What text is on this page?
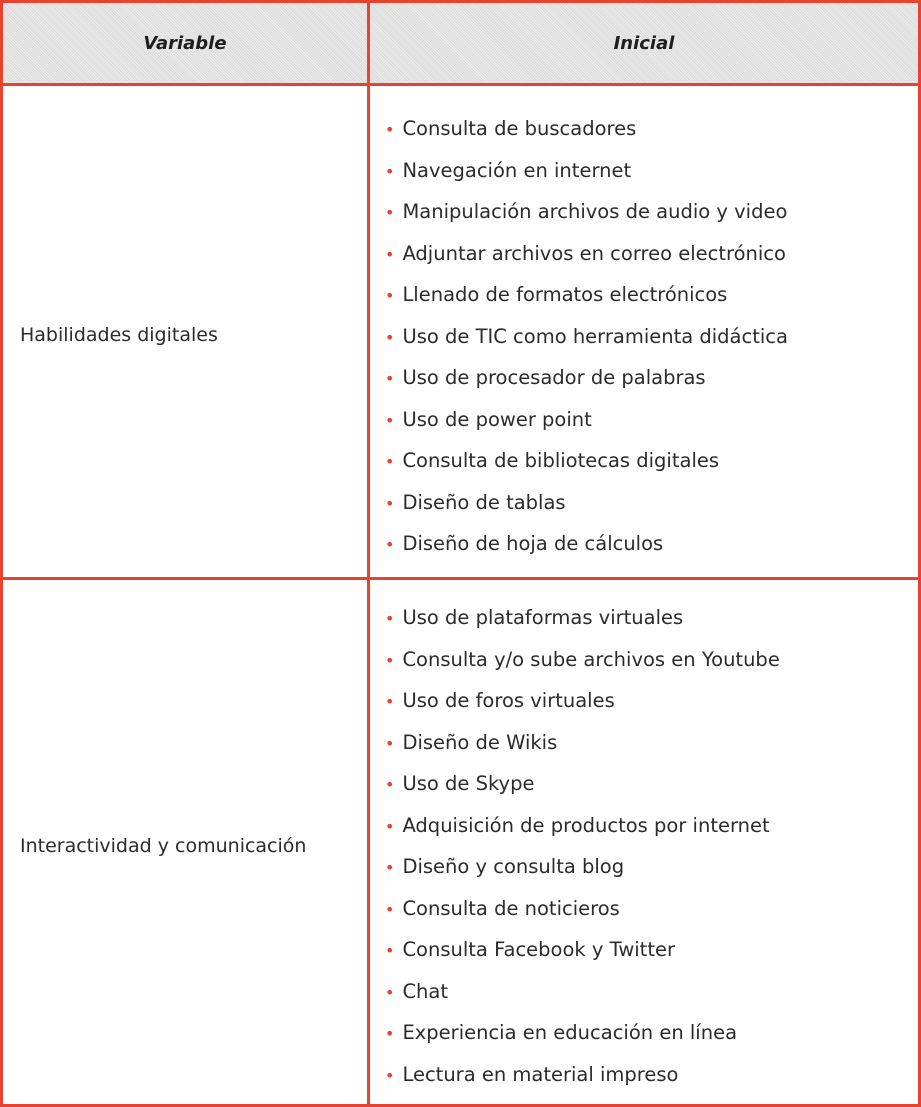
Variable	Inicial
Habilidades digitales
• Consulta de buscadores
• Navegación en internet
• Manipulación archivos de audio y video
• Adjuntar archivos en correo electrónico
• Llenado de formatos electrónicos
• Uso de TIC como herramienta didáctica
• Uso de procesador de palabras
• Uso de power point
• Consulta de bibliotecas digitales
• Diseño de tablas
• Diseño de hoja de cálculos
Interactividad y comunicación
• Uso de plataformas virtuales
• Consulta y/o sube archivos en Youtube
• Uso de foros virtuales
• Diseño de Wikis
• Uso de Skype
• Adquisición de productos por internet
• Diseño y consulta blog
• Consulta de noticieros
• Consulta Facebook y Twitter
• Chat
• Experiencia en educación en línea
• Lectura en material impreso
